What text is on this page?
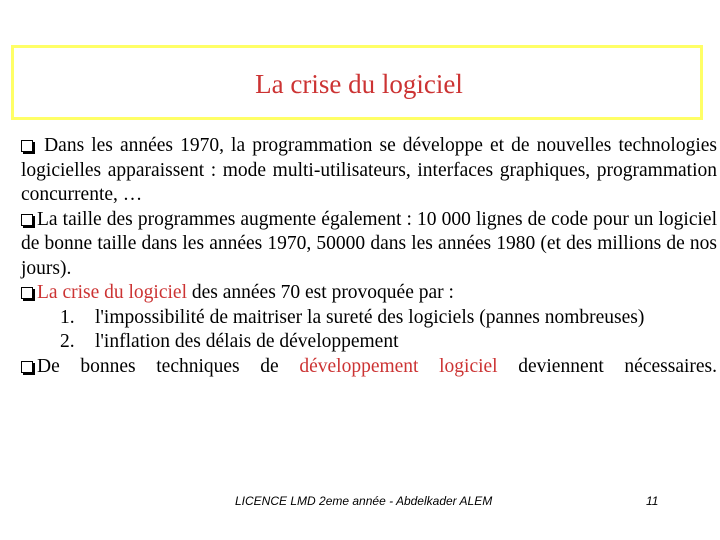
La crise du logiciel

Dans les années 1970, la programmation se développe et de nouvelles technologies logicielles apparaissent : mode multi-utilisateurs, interfaces graphiques, programmation concurrente, …

La taille des programmes augmente également : 10 000 lignes de code pour un logiciel de bonne taille dans les années 1970, 50000 dans les années 1980 (et des millions de nos jours).

La crise du logiciel des années 70 est provoquée par :

1. l'impossibilité de maitriser la sureté des logiciels (pannes nombreuses)
2. l'inflation des délais de développement

De bonnes techniques de développement logiciel deviennent nécessaires.

LICENCE LMD 2eme année - Abdelkader ALEM	11
